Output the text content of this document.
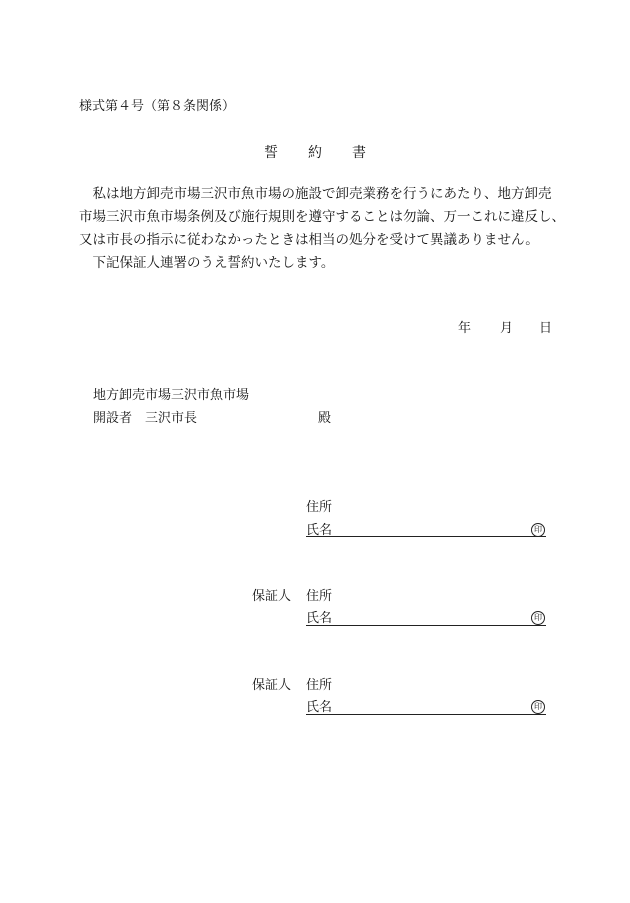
様式第４号（第８条関係）
誓 約 書

　私は地方卸売市場三沢市魚市場の施設で卸売業務を行うにあたり、地方卸売

市場三沢市魚市場条例及び施行規則を遵守することは勿論、万一これに違反し、

又は市長の指示に従わなかったときは相当の処分を受けて異議ありません。

　下記保証人連署のうえ誓約いたします。

年 月 日
地方卸売市場三沢市魚市場
開設者 三沢市長	殿
住所
氏名	印
保証人 住所
氏名	印
保証人 住所
氏名	印
